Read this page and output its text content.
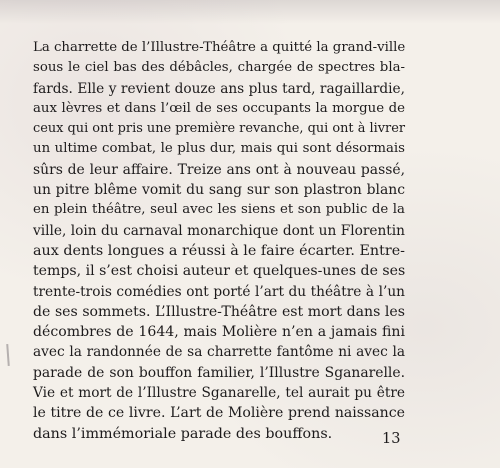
La charrette de l’Illustre-Théâtre a quitté la grand-ville
sous le ciel bas des débâcles, chargée de spectres bla-
fards. Elle y revient douze ans plus tard, ragaillardie,
aux lèvres et dans l’œil de ses occupants la morgue de
ceux qui ont pris une première revanche, qui ont à livrer
un ultime combat, le plus dur, mais qui sont désormais
sûrs de leur affaire. Treize ans ont à nouveau passé,
un pitre blême vomit du sang sur son plastron blanc
en plein théâtre, seul avec les siens et son public de la
ville, loin du carnaval monarchique dont un Florentin
aux dents longues a réussi à le faire écarter. Entre-
temps, il s’est choisi auteur et quelques-unes de ses
trente-trois comédies ont porté l’art du théâtre à l’un
de ses sommets. L’Illustre-Théâtre est mort dans les
décombres de 1644, mais Molière n’en a jamais fini
avec la randonnée de sa charrette fantôme ni avec la
parade de son bouffon familier, l’Illustre Sganarelle.
Vie et mort de l’Illustre Sganarelle, tel aurait pu être
le titre de ce livre. L’art de Molière prend naissance
dans l’immémoriale parade des bouffons.	13
